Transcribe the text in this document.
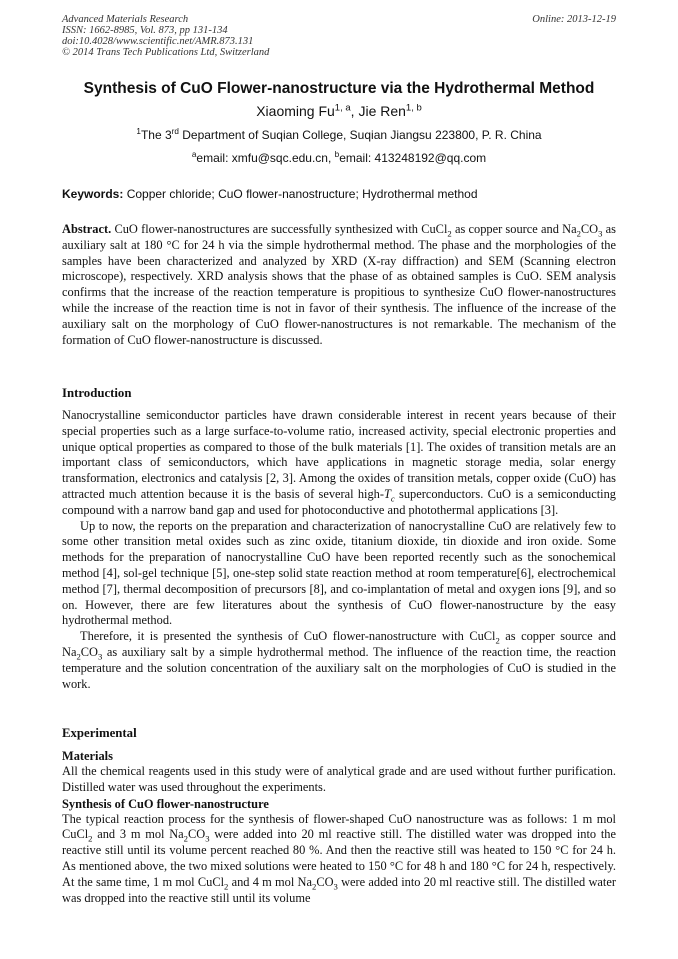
Advanced Materials Research
ISSN: 1662-8985, Vol. 873, pp 131-134
doi:10.4028/www.scientific.net/AMR.873.131
© 2014 Trans Tech Publications Ltd, Switzerland
Online: 2013-12-19
Synthesis of CuO Flower-nanostructure via the Hydrothermal Method
Xiaoming Fu$^{1, a}$, Jie Ren$^{1, b}$
$^1$The 3rd Department of Suqian College, Suqian Jiangsu 223800, P. R. China
$^a$email: xmfu@sqc.edu.cn, $^b$email: 413248192@qq.com
Keywords: Copper chloride; CuO flower-nanostructure; Hydrothermal method

Abstract. CuO flower-nanostructures are successfully synthesized with CuCl$_2$ as copper source and $Na_2CO_3$ as auxiliary salt at 180 °C for 24 h via the simple hydrothermal method. The phase and the morphologies of the samples have been characterized and analyzed by XRD (X-ray diffraction) and SEM (Scanning electron microscope), respectively. XRD analysis shows that the phase of as obtained samples is CuO. SEM analysis confirms that the increase of the reaction temperature is propitious to synthesize CuO flower-nanostructures while the increase of the reaction time is not in favor of their synthesis. The influence of the increase of the auxiliary salt on the morphology of CuO flower-nanostructures is not remarkable. The mechanism of the formation of CuO flower-nanostructure is discussed.

Introduction

Nanocrystalline semiconductor particles have drawn considerable interest in recent years because of their special properties such as a large surface-to-volume ratio, increased activity, special electronic properties and unique optical properties as compared to those of the bulk materials [1]. The oxides of transition metals are an important class of semiconductors, which have applications in magnetic storage media, solar energy transformation, electronics and catalysis [2, 3]. Among the oxides of transition metals, copper oxide (CuO) has attracted much attention because it is the basis of several high-$T_c$ superconductors. CuO is a semiconducting compound with a narrow band gap and used for photoconductive and photothermal applications [3].

Up to now, the reports on the preparation and characterization of nanocrystalline CuO are relatively few to some other transition metal oxides such as zinc oxide, titanium dioxide, tin dioxide and iron oxide. Some methods for the preparation of nanocrystalline CuO have been reported recently such as the sonochemical method [4], sol-gel technique [5], one-step solid state reaction method at room temperature[6], electrochemical method [7], thermal decomposition of precursors [8], and co-implantation of metal and oxygen ions [9], and so on. However, there are few literatures about the synthesis of CuO flower-nanostructure by the easy hydrothermal method.

Therefore, it is presented the synthesis of CuO flower-nanostructure with CuCl$_2$ as copper source and $Na_2CO_3$ as auxiliary salt by a simple hydrothermal method. The influence of the reaction time, the reaction temperature and the solution concentration of the auxiliary salt on the morphologies of CuO is studied in the work.

Experimental

Materials

All the chemical reagents used in this study were of analytical grade and are used without further purification. Distilled water was used throughout the experiments.

Synthesis of CuO flower-nanostructure

The typical reaction process for the synthesis of flower-shaped CuO nanostructure was as follows: 1 m mol CuCl$_2$ and 3 m mol $Na_2CO_3$ were added into 20 ml reactive still. The distilled water was dropped into the reactive still until its volume percent reached 80 %. And then the reactive still was heated to 150 °C for 24 h. As mentioned above, the two mixed solutions were heated to 150 °C for 48 h and 180 °C for 24 h, respectively. At the same time, 1 m mol CuCl$_2$ and 4 m mol $Na_2CO_3$ were added into 20 ml reactive still. The distilled water was dropped into the reactive still until its volume
